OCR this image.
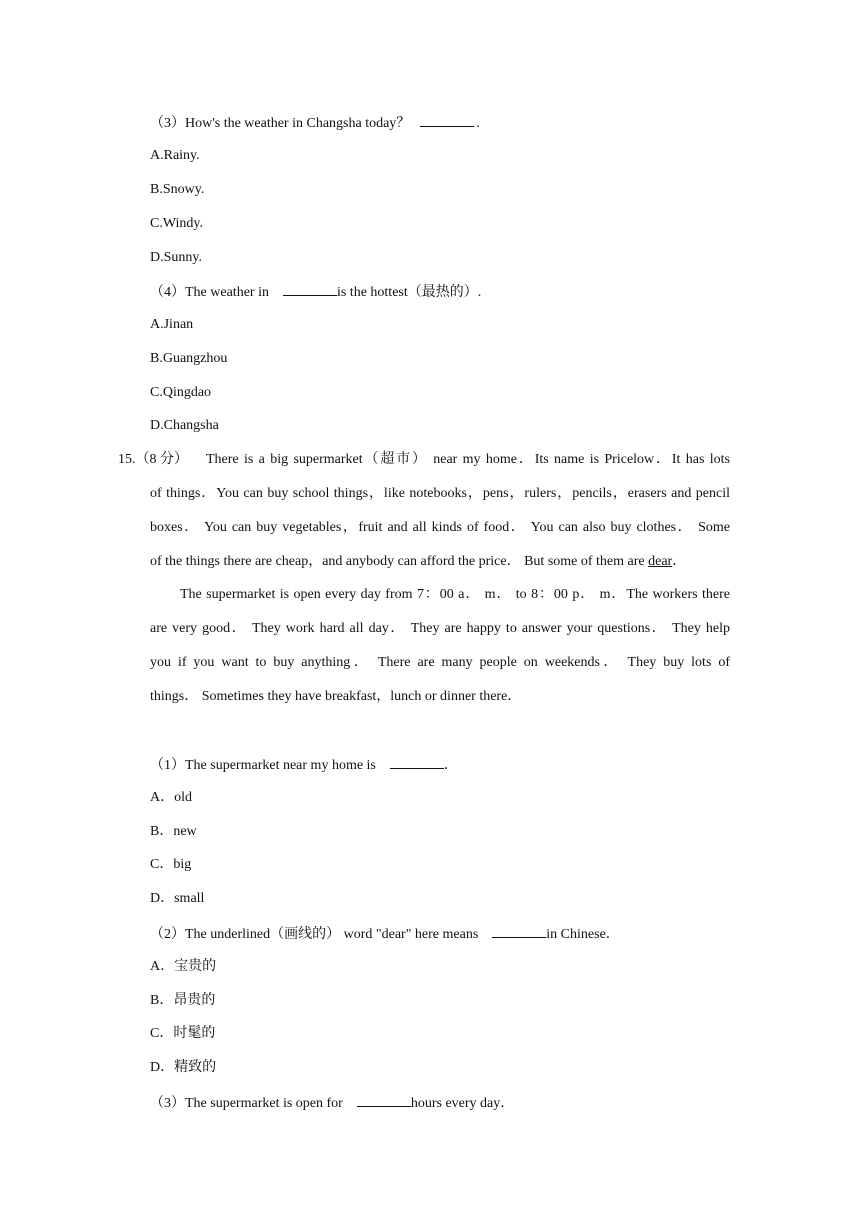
（3）How's the weather in Changsha today？	.
A.Rainy.
B.Snowy.
C.Windy.
D.Sunny.
（4）The weather in	is the hottest（最热的）.
A.Jinan
B.Guangzhou
C.Qingdao
D.Changsha
15.（8 分） There is a big supermarket（超市） near my home．Its name is Pricelow．It has lots
of things．You can buy school things，like notebooks，pens，rulers，pencils，erasers and pencil
boxes． You can buy vegetables，fruit and all kinds of food． You can also buy clothes． Some
of the things there are cheap，and anybody can afford the price． But some of them are dear．
The supermarket is open every day from 7：00 a． m． to 8：00 p． m．The workers there
are very good． They work hard all day． They are happy to answer your questions． They help
you if you want to buy anything． There are many people on weekends． They buy lots of
things． Sometimes they have breakfast，lunch or dinner there．
（1）The supermarket near my home is	．
A．old
B．new
C．big
D．small
（2）The underlined（画线的） word "dear" here means	in Chinese．
A．宝贵的
B．昂贵的
C．时髦的
D．精致的
（3）The supermarket is open for	hours every day．
